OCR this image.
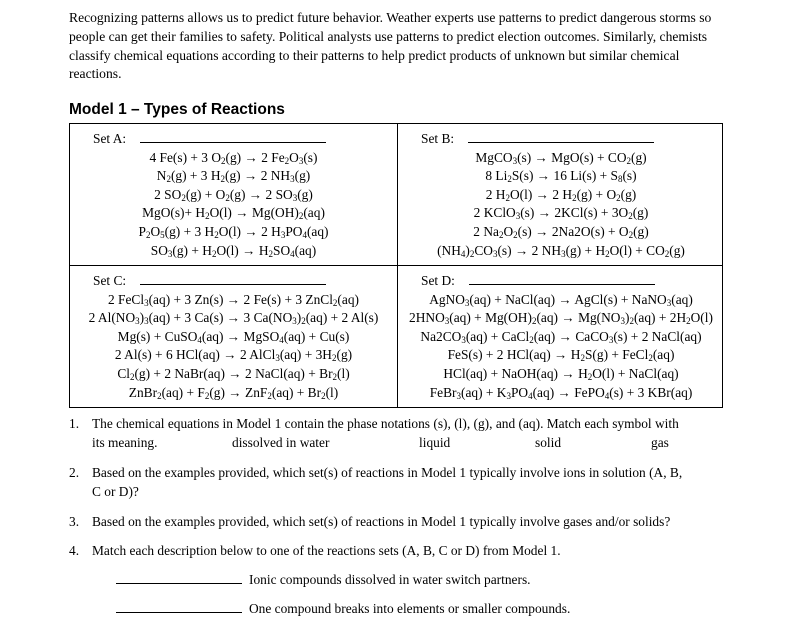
Recognizing patterns allows us to predict future behavior. Weather experts use patterns to predict dangerous storms so people can get their families to safety. Political analysts use patterns to predict election outcomes. Similarly, chemists classify chemical equations according to their patterns to help predict products of unknown but similar chemical reactions.

Model 1 – Types of Reactions
Set A:
4 Fe(s) + 3 $O_2(g) \to 2$ $Fe_2O_3(s)$
$N_2(g) + 3$ $H_2(g) \to 2$ $NH_3(g)$
2 $SO_2(g) + O_2(g) \to 2$ $SO_3(g)$
$MgO(s)+ H_2O(l) \to Mg(OH)_2(aq)$
$P_2O_5(g) + 3$ $H_2O(l) \to 2$ $H_3PO_4(aq)$
$SO_3(g) + H_2O(l) \to H_2SO_4(aq)$
Set B:
MgCO$_3$(s) → $MgO(s) + CO_2(g)$
8 $Li_2S(s) \to 16$ $Li(s) + S_8(s)$
2 $H_2O(l) \to 2$ $H_2(g) + O_2(g)$
2 KClO$_3$(s) → $2KCl(s) + 3O_2(g)$
2 $Na_2O_2(s) \to 2Na2O(s) + O_2(g)$
$(NH_4)_2CO_3(s) \to 2$ $NH_3(g) + H_2O(l) + CO_2(g)$
Set C:
2 FeCl$_3$(aq) + 3 Zn(s) → 2 Fe(s) + 3 ZnCl$_2$(aq)
2 $Al(NO_3)_3(aq) + 3$ Ca(s) → 3 $Ca(NO_3)_2(aq) + 2$ Al(s)
Mg(s) + CuSO$_4$(aq) → MgSO$_4$(aq) + Cu(s)
2 Al(s) + 6 HCl(aq) → 2 AlCl$_3$(aq) + $3H_2(g)$
$Cl_2(g) + 2$ NaBr(aq) → 2 NaCl(aq) + $Br_2(l)$
ZnBr$_2$(aq) + $F_2(g) \to ZnF_2(aq) + Br_2(l)$
Set D:
AgNO$_3$(aq) + NaCl(aq) → AgCl(s) + NaNO$_3$(aq)
$2HNO_3(aq) + Mg(OH)_2(aq) \to Mg(NO_3)_2(aq) + 2H_2O(l)$
$Na2CO_3(aq)$ + CaCl$_2$(aq) → CaCO$_3$(s) + 2 NaCl(aq)
FeS(s) + 2 $HCl(aq) \to H_2S(g)$ + FeCl$_2$(aq)
HCl(aq) + NaOH(aq) → $H_2O(l)$ + NaCl(aq)
FeBr$_3$(aq) + $K_3PO_4(aq)$ → FePO$_4$(s) + 3 KBr(aq)
1. The chemical equations in Model 1 contain the phase notations (s), (l), (g), and (aq). Match each symbol with its meaning.	dissolved in water	liquid	solid	gas
2. Based on the examples provided, which set(s) of reactions in Model 1 typically involve ions in solution (A, B, C or D)?
3. Based on the examples provided, which set(s) of reactions in Model 1 typically involve gases and/or solids?
4. Match each description below to one of the reactions sets (A, B, C or D) from Model 1.
Ionic compounds dissolved in water switch partners.
One compound breaks into elements or smaller compounds.
